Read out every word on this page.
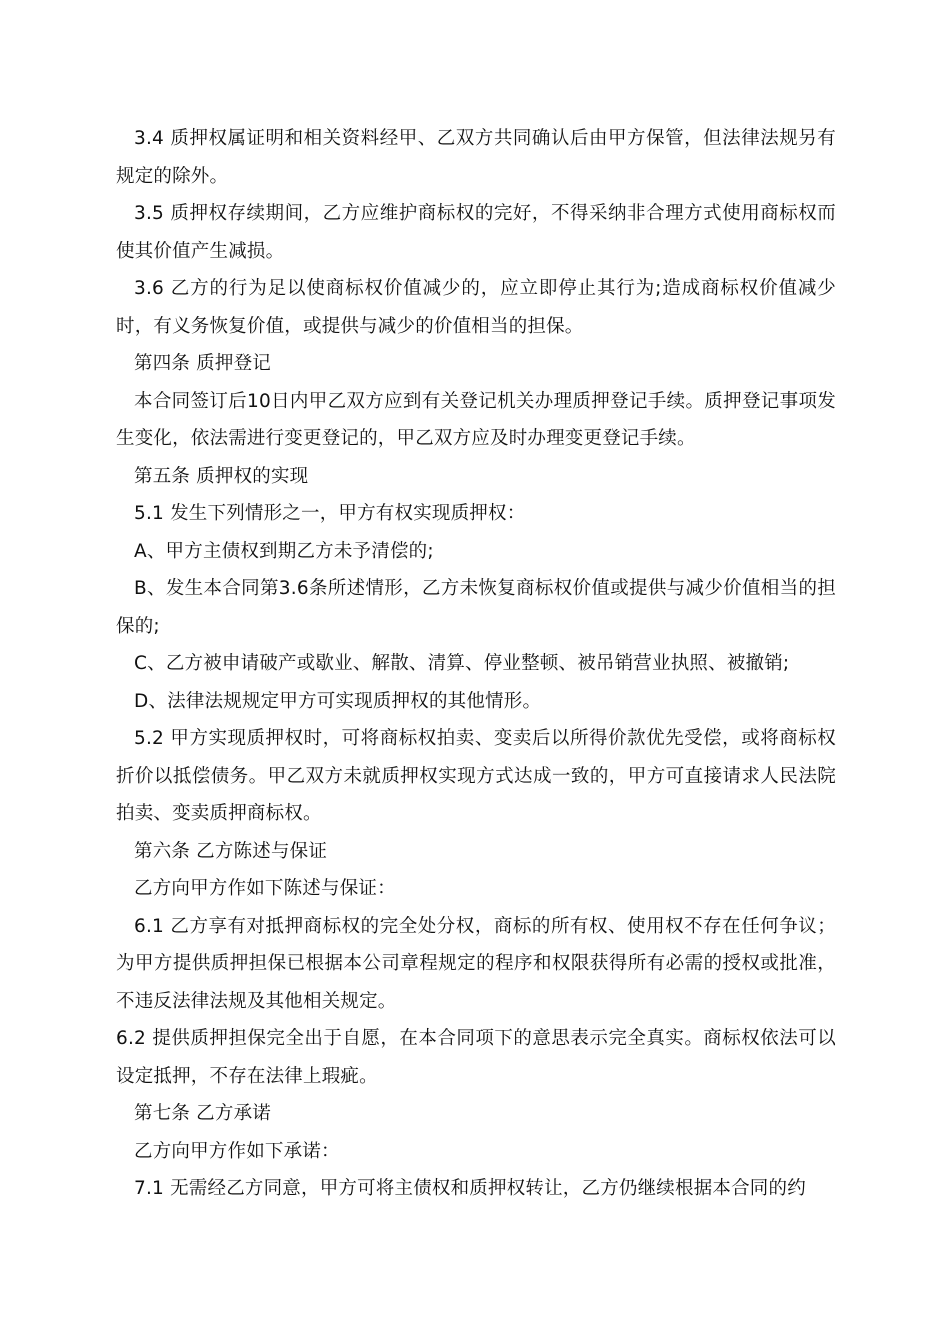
3.4 质押权属证明和相关资料经甲、乙双方共同确认后由甲方保管，但法律法规另有规定的除外。

3.5 质押权存续期间，乙方应维护商标权的完好，不得采纳非合理方式使用商标权而使其价值产生减损。

3.6 乙方的行为足以使商标权价值减少的，应立即停止其行为;造成商标权价值减少时，有义务恢复价值，或提供与减少的价值相当的担保。

第四条 质押登记

本合同签订后10日内甲乙双方应到有关登记机关办理质押登记手续。质押登记事项发生变化，依法需进行变更登记的，甲乙双方应及时办理变更登记手续。

第五条 质押权的实现

5.1 发生下列情形之一，甲方有权实现质押权：

A、甲方主债权到期乙方未予清偿的;

B、发生本合同第3.6条所述情形，乙方未恢复商标权价值或提供与减少价值相当的担保的;

C、乙方被申请破产或歇业、解散、清算、停业整顿、被吊销营业执照、被撤销;

D、法律法规规定甲方可实现质押权的其他情形。

5.2 甲方实现质押权时，可将商标权拍卖、变卖后以所得价款优先受偿，或将商标权折价以抵偿债务。甲乙双方未就质押权实现方式达成一致的，甲方可直接请求人民法院拍卖、变卖质押商标权。

第六条 乙方陈述与保证

乙方向甲方作如下陈述与保证：

6.1 乙方享有对抵押商标权的完全处分权，商标的所有权、使用权不存在任何争议；为甲方提供质押担保已根据本公司章程规定的程序和权限获得所有必需的授权或批准，不违反法律法规及其他相关规定。

6.2 提供质押担保完全出于自愿，在本合同项下的意思表示完全真实。商标权依法可以设定抵押，不存在法律上瑕疵。

第七条 乙方承诺

乙方向甲方作如下承诺：

7.1 无需经乙方同意，甲方可将主债权和质押权转让，乙方仍继续根据本合同的约
